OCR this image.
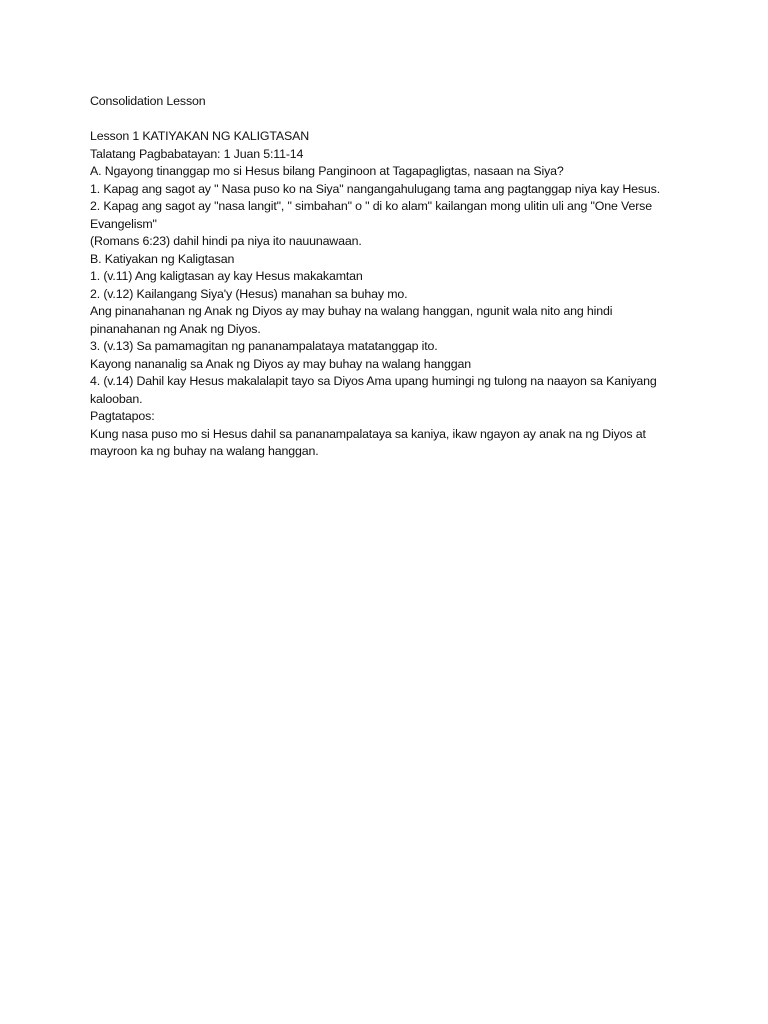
Consolidation Lesson

Lesson 1 KATIYAKAN NG KALIGTASAN

Talatang Pagbabatayan: 1 Juan 5:11-14

A. Ngayong tinanggap mo si Hesus bilang Panginoon at Tagapagligtas, nasaan na Siya?

1. Kapag ang sagot ay " Nasa puso ko na Siya" nangangahulugang tama ang pagtanggap niya kay Hesus.

2. Kapag ang sagot ay "nasa langit", " simbahan" o " di ko alam" kailangan mong ulitin uli ang "One Verse

Evangelism"

(Romans 6:23) dahil hindi pa niya ito nauunawaan.

B. Katiyakan ng Kaligtasan

1. (v.11) Ang kaligtasan ay kay Hesus makakamtan

2. (v.12) Kailangang Siya'y (Hesus) manahan sa buhay mo.

Ang pinanahanan ng Anak ng Diyos ay may buhay na walang hanggan, ngunit wala nito ang hindi

pinanahanan ng Anak ng Diyos.

3. (v.13) Sa pamamagitan ng pananampalataya matatanggap ito.

Kayong nananalig sa Anak ng Diyos ay may buhay na walang hanggan

4. (v.14) Dahil kay Hesus makalalapit tayo sa Diyos Ama upang humingi ng tulong na naayon sa Kaniyang

kalooban.

Pagtatapos:

Kung nasa puso mo si Hesus dahil sa pananampalataya sa kaniya, ikaw ngayon ay anak na ng Diyos at

mayroon ka ng buhay na walang hanggan.
